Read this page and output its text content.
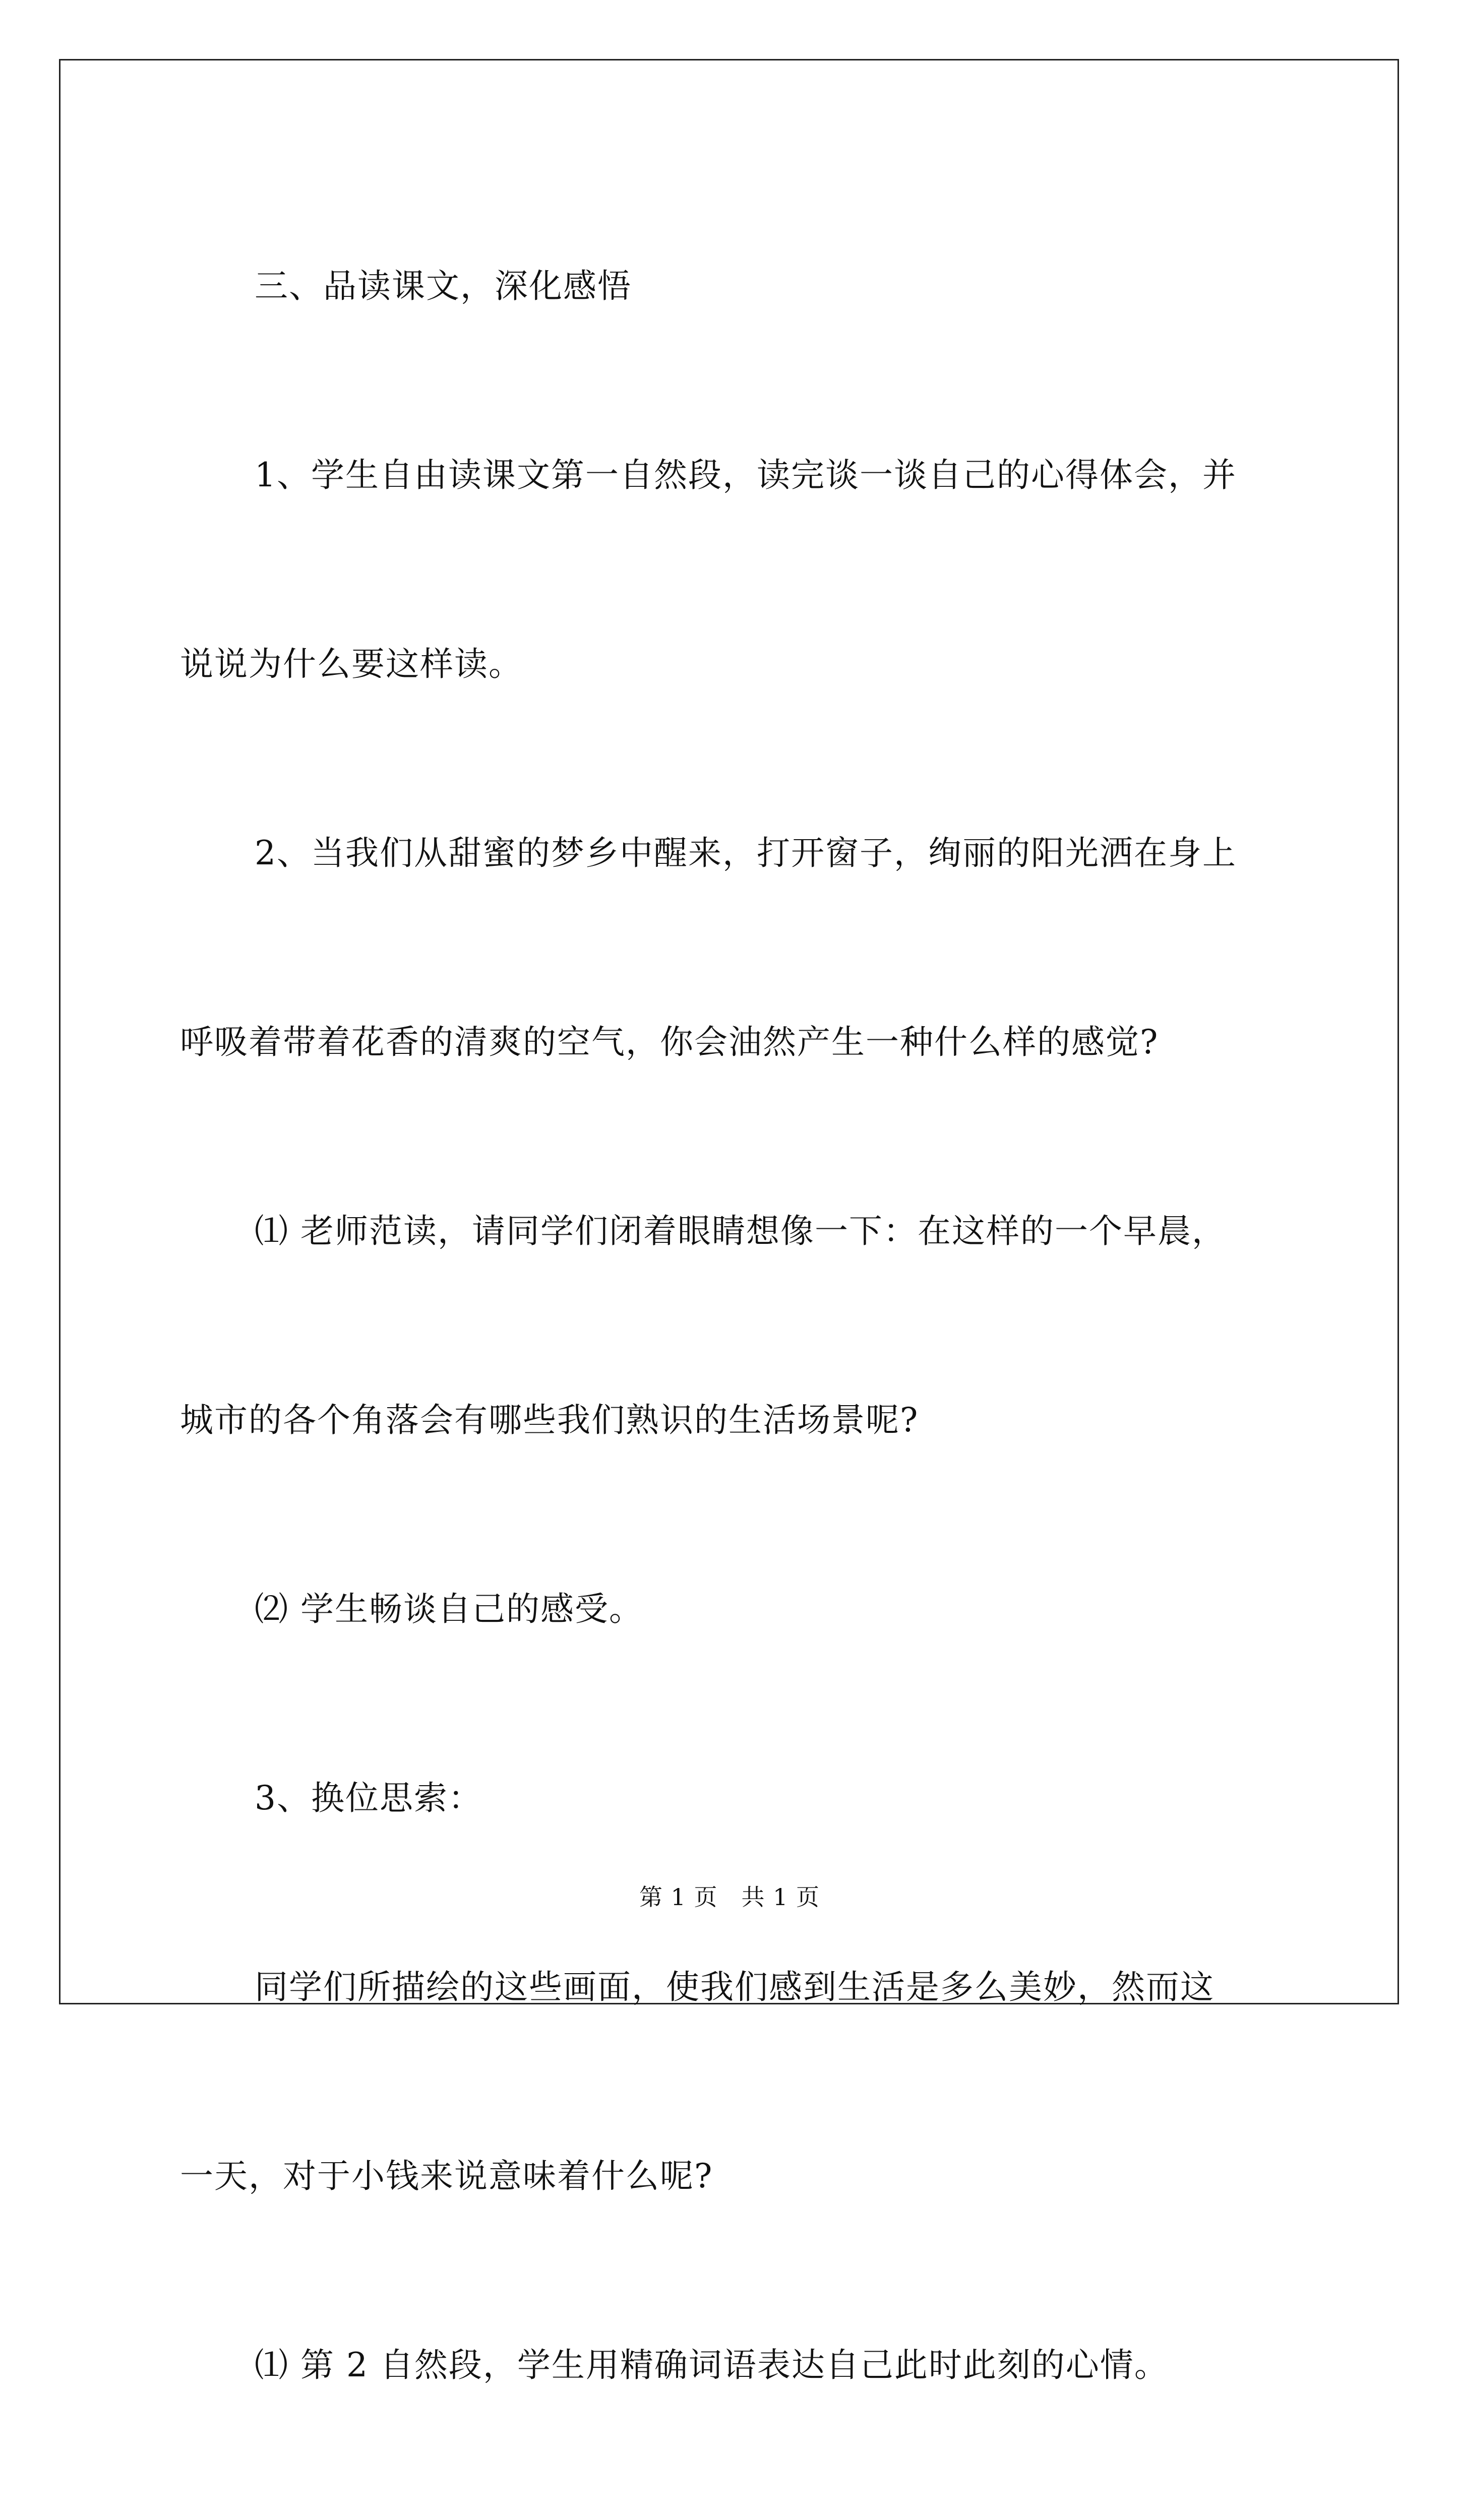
三、品读课文，深化感悟

1、学生自由读课文第一自然段，读完谈一谈自己的心得体会，并

说说为什么要这样读。

2、当我们从甜蜜的梦乡中醒来，打开窗子，绚丽的阳光洒在身上

呼吸着带着花香的清爽的空气，你会油然产生一种什么样的感觉?

⑴ 老师范读，请同学们闭着眼睛想像一下：在这样的一个早晨，

城市的各个角落会有哪些我们熟识的生活场景呢?

⑵ 学生畅谈自己的感受。

3、换位思索：

同学们所描绘的这些画面，使我们感到生活是多么美妙，然而这

一天，对于小钱来说意味着什么呢?

⑴ 第 2 自然段，学生用精确词语表达自己此时此刻的心情。

第 1 页　共 1 页
